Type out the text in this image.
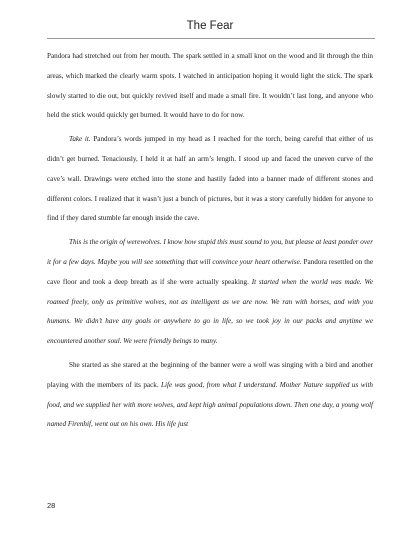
The Fear

Pandora had stretched out from her mouth. The spark settled in a small knot on the wood and lit through the thin areas, which marked the clearly warm spots. I watched in anticipation hoping it would light the stick. The spark slowly started to die out, but quickly revived itself and made a small fire. It wouldn’t last long, and anyone who held the stick would quickly get burned. It would have to do for now.

Take it. Pandora’s words jumped in my head as I reached for the torch, being careful that either of us didn’t get burned. Tenaciously, I held it at half an arm’s length. I stood up and faced the uneven curve of the cave’s wall. Drawings were etched into the stone and hastily faded into a banner made of different stones and different colors. I realized that it wasn’t just a bunch of pictures, but it was a story carefully hidden for anyone to find if they dared stumble far enough inside the cave.

This is the origin of werewolves. I know how stupid this must sound to you, but please at least ponder over it for a few days. Maybe you will see something that will convince your heart otherwise. Pandora resettled on the cave floor and took a deep breath as if she were actually speaking. It started when the world was made. We roamed freely, only as primitive wolves, not as intelligent as we are now. We ran with horses, and with you humans. We didn’t have any goals or anywhere to go in life, so we took joy in our packs and anytime we encountered another soul. We were friendly beings to many.

She started as she stared at the beginning of the banner were a wolf was singing with a bird and another playing with the members of its pack. Life was good, from what I understand. Mother Nature supplied us with food, and we supplied her with more wolves, and kept high animal populations down. Then one day, a young wolf named Firenhif, went out on his own. His life just

28
